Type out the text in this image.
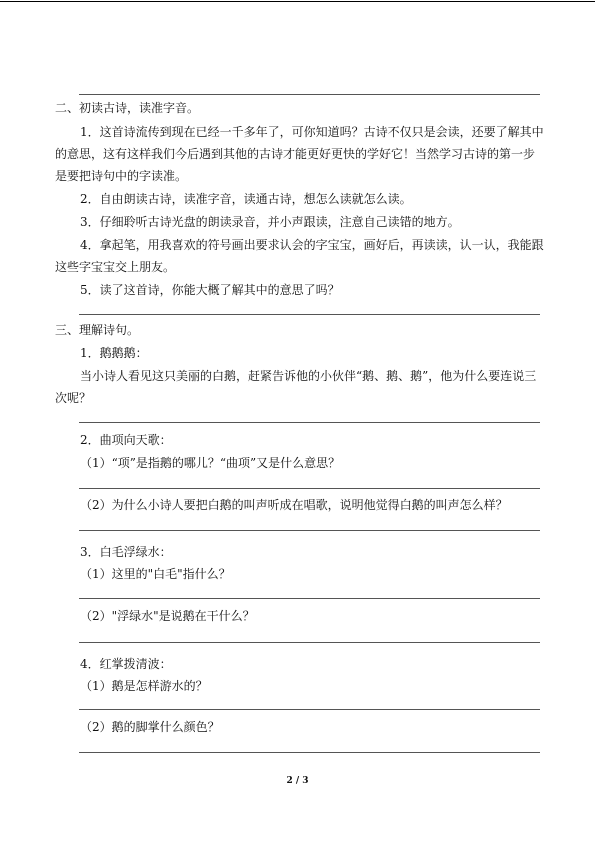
二、初读古诗，读准字音。
1．这首诗流传到现在已经一千多年了，可你知道吗？古诗不仅只是会读，还要了解其中
的意思，这有这样我们今后遇到其他的古诗才能更好更快的学好它！当然学习古诗的第一步
是要把诗句中的字读准。
2．自由朗读古诗，读准字音，读通古诗，想怎么读就怎么读。
3．仔细聆听古诗光盘的朗读录音，并小声跟读，注意自己读错的地方。
4．拿起笔，用我喜欢的符号画出要求认会的字宝宝，画好后，再读读，认一认，我能跟
这些字宝宝交上朋友。
5．读了这首诗，你能大概了解其中的意思了吗？
三、理解诗句。
1．鹅鹅鹅：
当小诗人看见这只美丽的白鹅，赶紧告诉他的小伙伴“鹅、鹅、鹅”，他为什么要连说三
次呢？
2．曲项向天歌：
（1）“项”是指鹅的哪儿？“曲项”又是什么意思？
（2）为什么小诗人要把白鹅的叫声听成在唱歌，说明他觉得白鹅的叫声怎么样？
3．白毛浮绿水：
（1）这里的"白毛"指什么？
（2）"浮绿水"是说鹅在干什么？
4．红掌拨清波：
（1）鹅是怎样游水的？
（2）鹅的脚掌什么颜色？
2 / 3
